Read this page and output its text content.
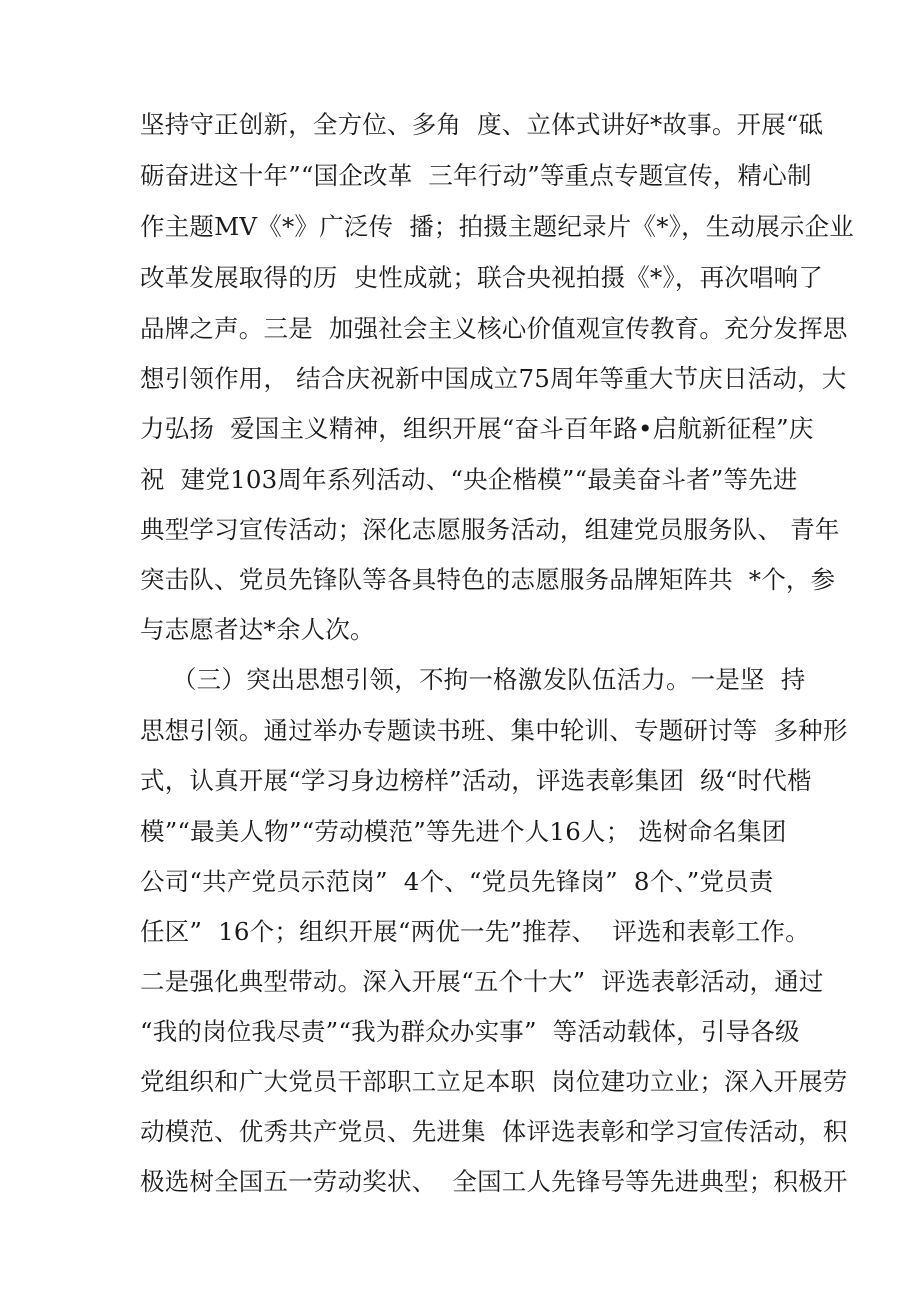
坚持守正创新，全方位、多角  度、立体式讲好*故事。开展“砥
砺奋进这十年”“国企改革  三年行动”等重点专题宣传，精心制
作主题MV《*》广泛传  播；拍摄主题纪录片《*》，生动展示企业
改革发展取得的历  史性成就；联合央视拍摄《*》，再次唱响了
品牌之声。三是  加强社会主义核心价值观宣传教育。充分发挥思
想引领作用， 结合庆祝新中国成立75周年等重大节庆日活动，大
力弘扬  爱国主义精神，组织开展“奋斗百年路•启航新征程”庆
祝  建党103周年系列活动、“央企楷模”“最美奋斗者”等先进
典型学习宣传活动；深化志愿服务活动，组建党员服务队、 青年
突击队、党员先锋队等各具特色的志愿服务品牌矩阵共  *个，参
与志愿者达*余人次。
（三）突出思想引领，不拘一格激发队伍活力。一是坚  持
思想引领。通过举办专题读书班、集中轮训、专题研讨等  多种形
式，认真开展“学习身边榜样”活动，评选表彰集团  级“时代楷
模”“最美人物”“劳动模范”等先进个人16人； 选树命名集团
公司“共产党员示范岗”  4个、“党员先锋岗”  8个、”党员责
任区”  16个；组织开展“两优一先”推荐、  评选和表彰工作。
二是强化典型带动。深入开展“五个十大”  评选表彰活动，通过
“我的岗位我尽责”“我为群众办实事”  等活动载体，引导各级
党组织和广大党员干部职工立足本职  岗位建功立业；深入开展劳
动模范、优秀共产党员、先进集  体评选表彰和学习宣传活动，积
极选树全国五一劳动奖状、  全国工人先锋号等先进典型；积极开
